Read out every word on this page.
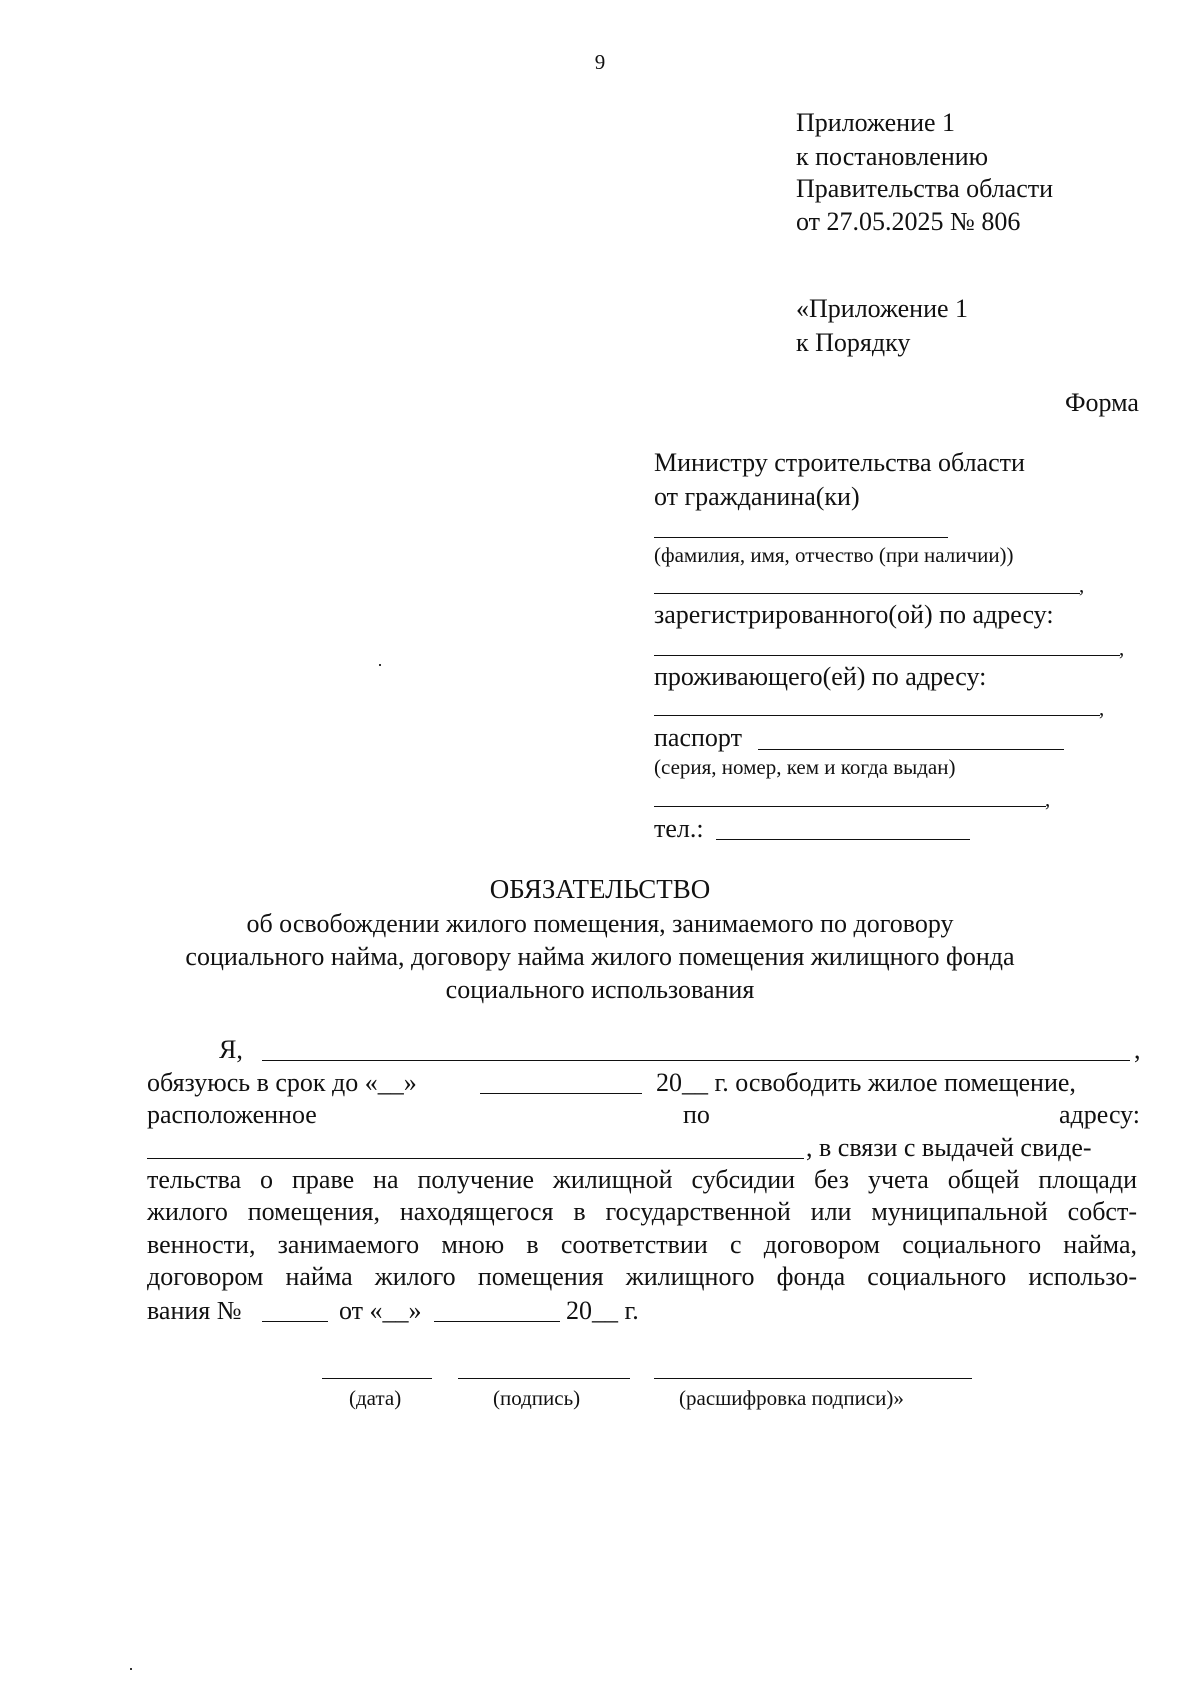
9
Приложение 1
к постановлению
Правительства области
от 27.05.2025 № 806
«Приложение 1
к Порядку
Форма
Министру строительства области
от гражданина(ки)
(фамилия, имя, отчество (при наличии))
,
зарегистрированного(ой) по адресу:
,
проживающего(ей) по адресу:
,
паспорт
(серия, номер, кем и когда выдан)
,
тел.:
ОБЯЗАТЕЛЬСТВО
об освобождении жилого помещения, занимаемого по договору
социального найма, договору найма жилого помещения жилищного фонда
социального использования
Я,	,
обязуюсь в срок до «__»	20__ г. освободить жилое помещение,
расположенное	по	адресу:
, в связи с выдачей свиде-
тельства о праве на получение жилищной субсидии без учета общей площади
жилого помещения, находящегося в государственной или муниципальной собст-
венности, занимаемого мною в соответствии с договором социального найма,
договором найма жилого помещения жилищного фонда социального использо-
вания №	от «__»	20__ г.
(дата)	(подпись)	(расшифровка подписи)»
